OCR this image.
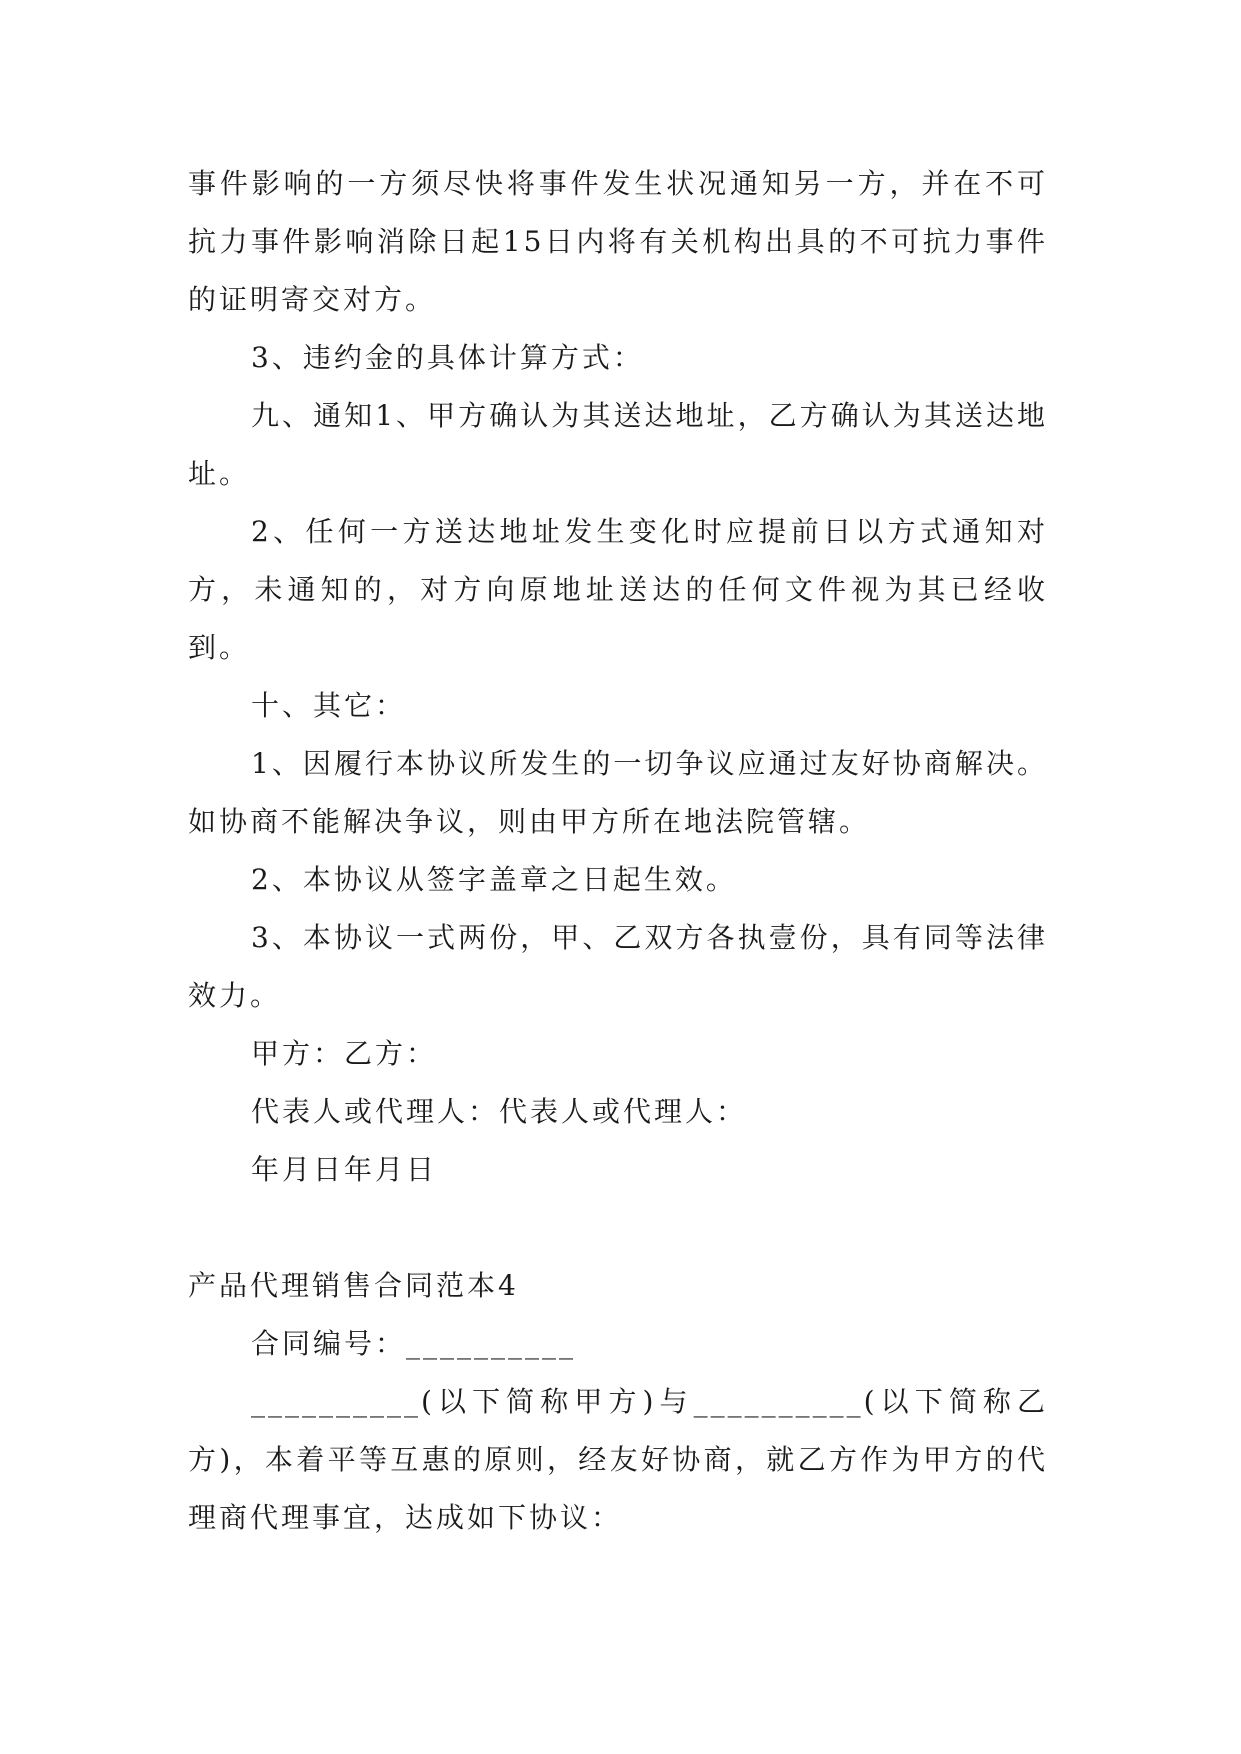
事件影响的一方须尽快将事件发生状况通知另一方，并在不可抗力事件影响消除日起15日内将有关机构出具的不可抗力事件的证明寄交对方。

3、违约金的具体计算方式：

九、通知1、甲方确认为其送达地址，乙方确认为其送达地址。

2、任何一方送达地址发生变化时应提前日以方式通知对方，未通知的，对方向原地址送达的任何文件视为其已经收到。

十、其它：

1、因履行本协议所发生的一切争议应通过友好协商解决。如协商不能解决争议，则由甲方所在地法院管辖。

2、本协议从签字盖章之日起生效。

3、本协议一式两份，甲、乙双方各执壹份，具有同等法律效力。

甲方：乙方：

代表人或代理人：代表人或代理人：

年月日年月日

产品代理销售合同范本4

合同编号：__________

__________(以下简称甲方)与__________(以下简称乙方)，本着平等互惠的原则，经友好协商，就乙方作为甲方的代理商代理事宜，达成如下协议：
